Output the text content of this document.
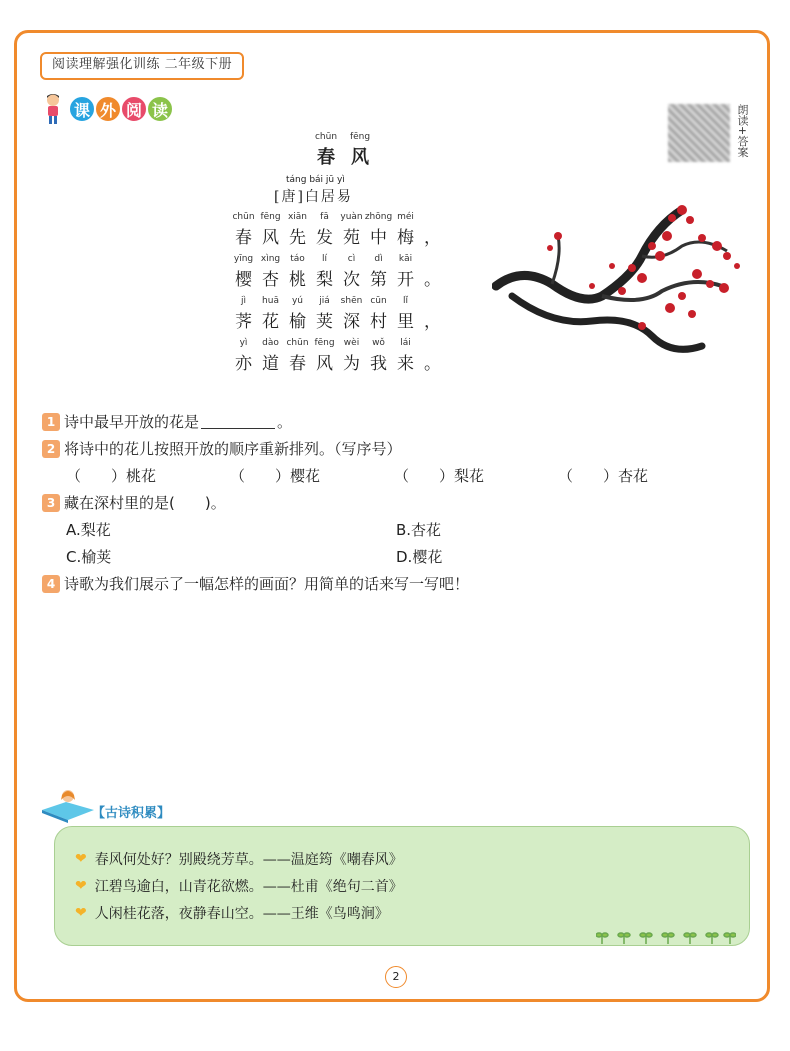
阅读理解强化训练 二年级下册
课 外 阅 读	朗读+答案
chūn
春
fēng
风
táng bái jū yì
[唐]白居易
chūn
春
fēng
风
xiān
先
fā
发
yuàn
苑
zhōng
中
méi
梅 ，
yīng
樱
xìng
杏
táo
桃
lí
梨
cì
次
dì
第
kāi
开 。
jì
荠
huā
花
yú
榆
jiá
荚
shēn
深
cūn
村
lǐ
里 ，
yì
亦
dào
道
chūn
春
fēng
风
wèi
为
wǒ
我
lái
来 。
1 诗中最早开放的花是	。
2 将诗中的花儿按照开放的顺序重新排列。（写序号）
（　　）桃花	（　　）樱花	（　　）梨花	（　　）杏花
3 藏在深村里的是(　　)。
A.梨花	B.杏花
C.榆荚	D.樱花
4 诗歌为我们展示了一幅怎样的画面？用简单的话来写一写吧！
【古诗积累】
❤ 春风何处好？别殿绕芳草。——温庭筠《嘲春风》
❤ 江碧鸟逾白，山青花欲燃。——杜甫《绝句二首》
❤ 人闲桂花落，夜静春山空。——王维《鸟鸣涧》
2
